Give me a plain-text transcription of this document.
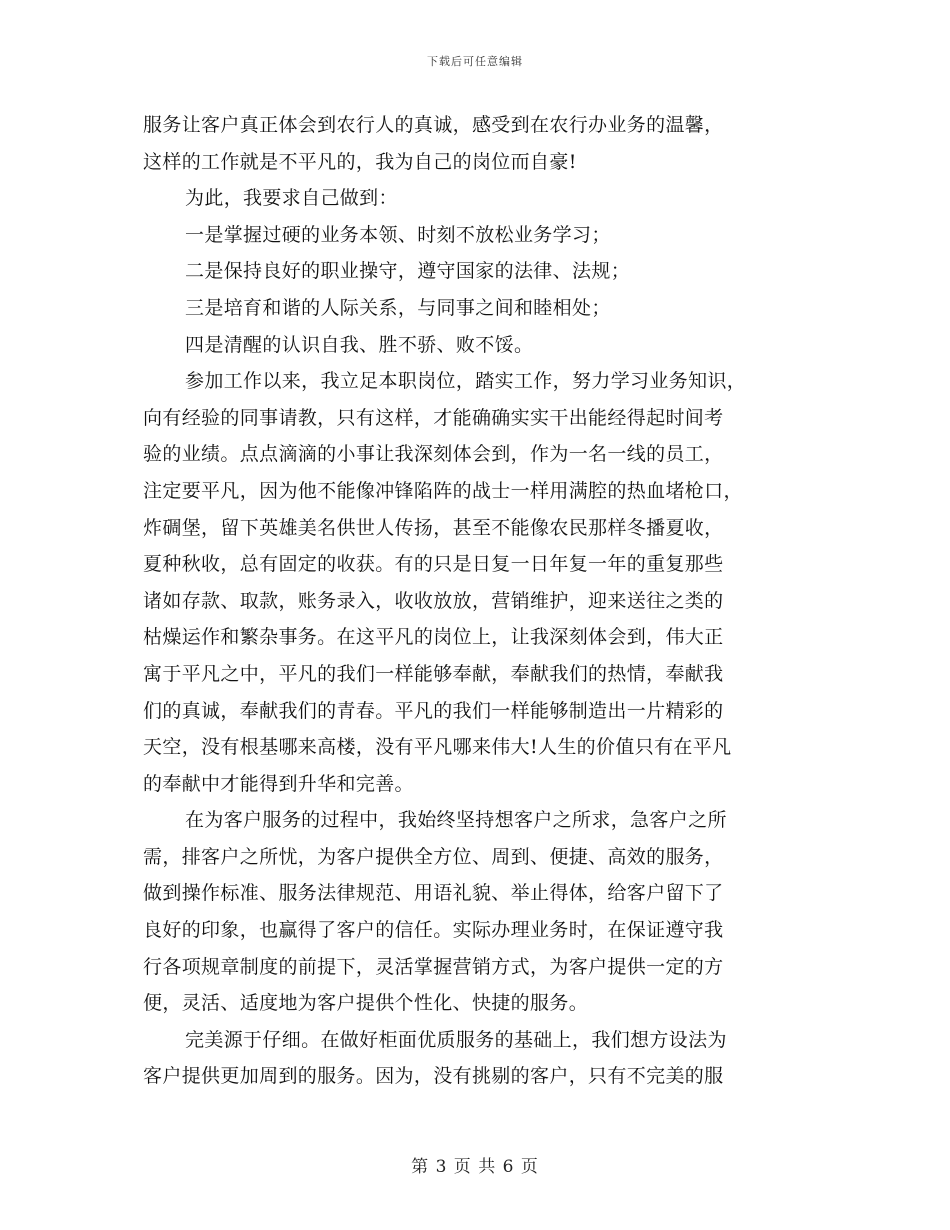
下载后可任意编辑
服务让客户真正体会到农行人的真诚，感受到在农行办业务的温馨，
这样的工作就是不平凡的，我为自己的岗位而自豪!
为此，我要求自己做到：
一是掌握过硬的业务本领、时刻不放松业务学习；
二是保持良好的职业操守，遵守国家的法律、法规；
三是培育和谐的人际关系，与同事之间和睦相处；
四是清醒的认识自我、胜不骄、败不馁。
参加工作以来，我立足本职岗位，踏实工作，努力学习业务知识，
向有经验的同事请教，只有这样，才能确确实实干出能经得起时间考
验的业绩。点点滴滴的小事让我深刻体会到，作为一名一线的员工，
注定要平凡，因为他不能像冲锋陷阵的战士一样用满腔的热血堵枪口，
炸碉堡，留下英雄美名供世人传扬，甚至不能像农民那样冬播夏收，
夏种秋收，总有固定的收获。有的只是日复一日年复一年的重复那些
诸如存款、取款，账务录入，收收放放，营销维护，迎来送往之类的
枯燥运作和繁杂事务。在这平凡的岗位上，让我深刻体会到，伟大正
寓于平凡之中，平凡的我们一样能够奉献，奉献我们的热情，奉献我
们的真诚，奉献我们的青春。平凡的我们一样能够制造出一片精彩的
天空，没有根基哪来高楼，没有平凡哪来伟大!人生的价值只有在平凡
的奉献中才能得到升华和完善。
在为客户服务的过程中，我始终坚持想客户之所求，急客户之所
需，排客户之所忧，为客户提供全方位、周到、便捷、高效的服务，
做到操作标准、服务法律规范、用语礼貌、举止得体，给客户留下了
良好的印象，也赢得了客户的信任。实际办理业务时，在保证遵守我
行各项规章制度的前提下，灵活掌握营销方式，为客户提供一定的方
便，灵活、适度地为客户提供个性化、快捷的服务。
完美源于仔细。在做好柜面优质服务的基础上，我们想方设法为
客户提供更加周到的服务。因为，没有挑剔的客户，只有不完美的服
第 3 页 共 6 页
